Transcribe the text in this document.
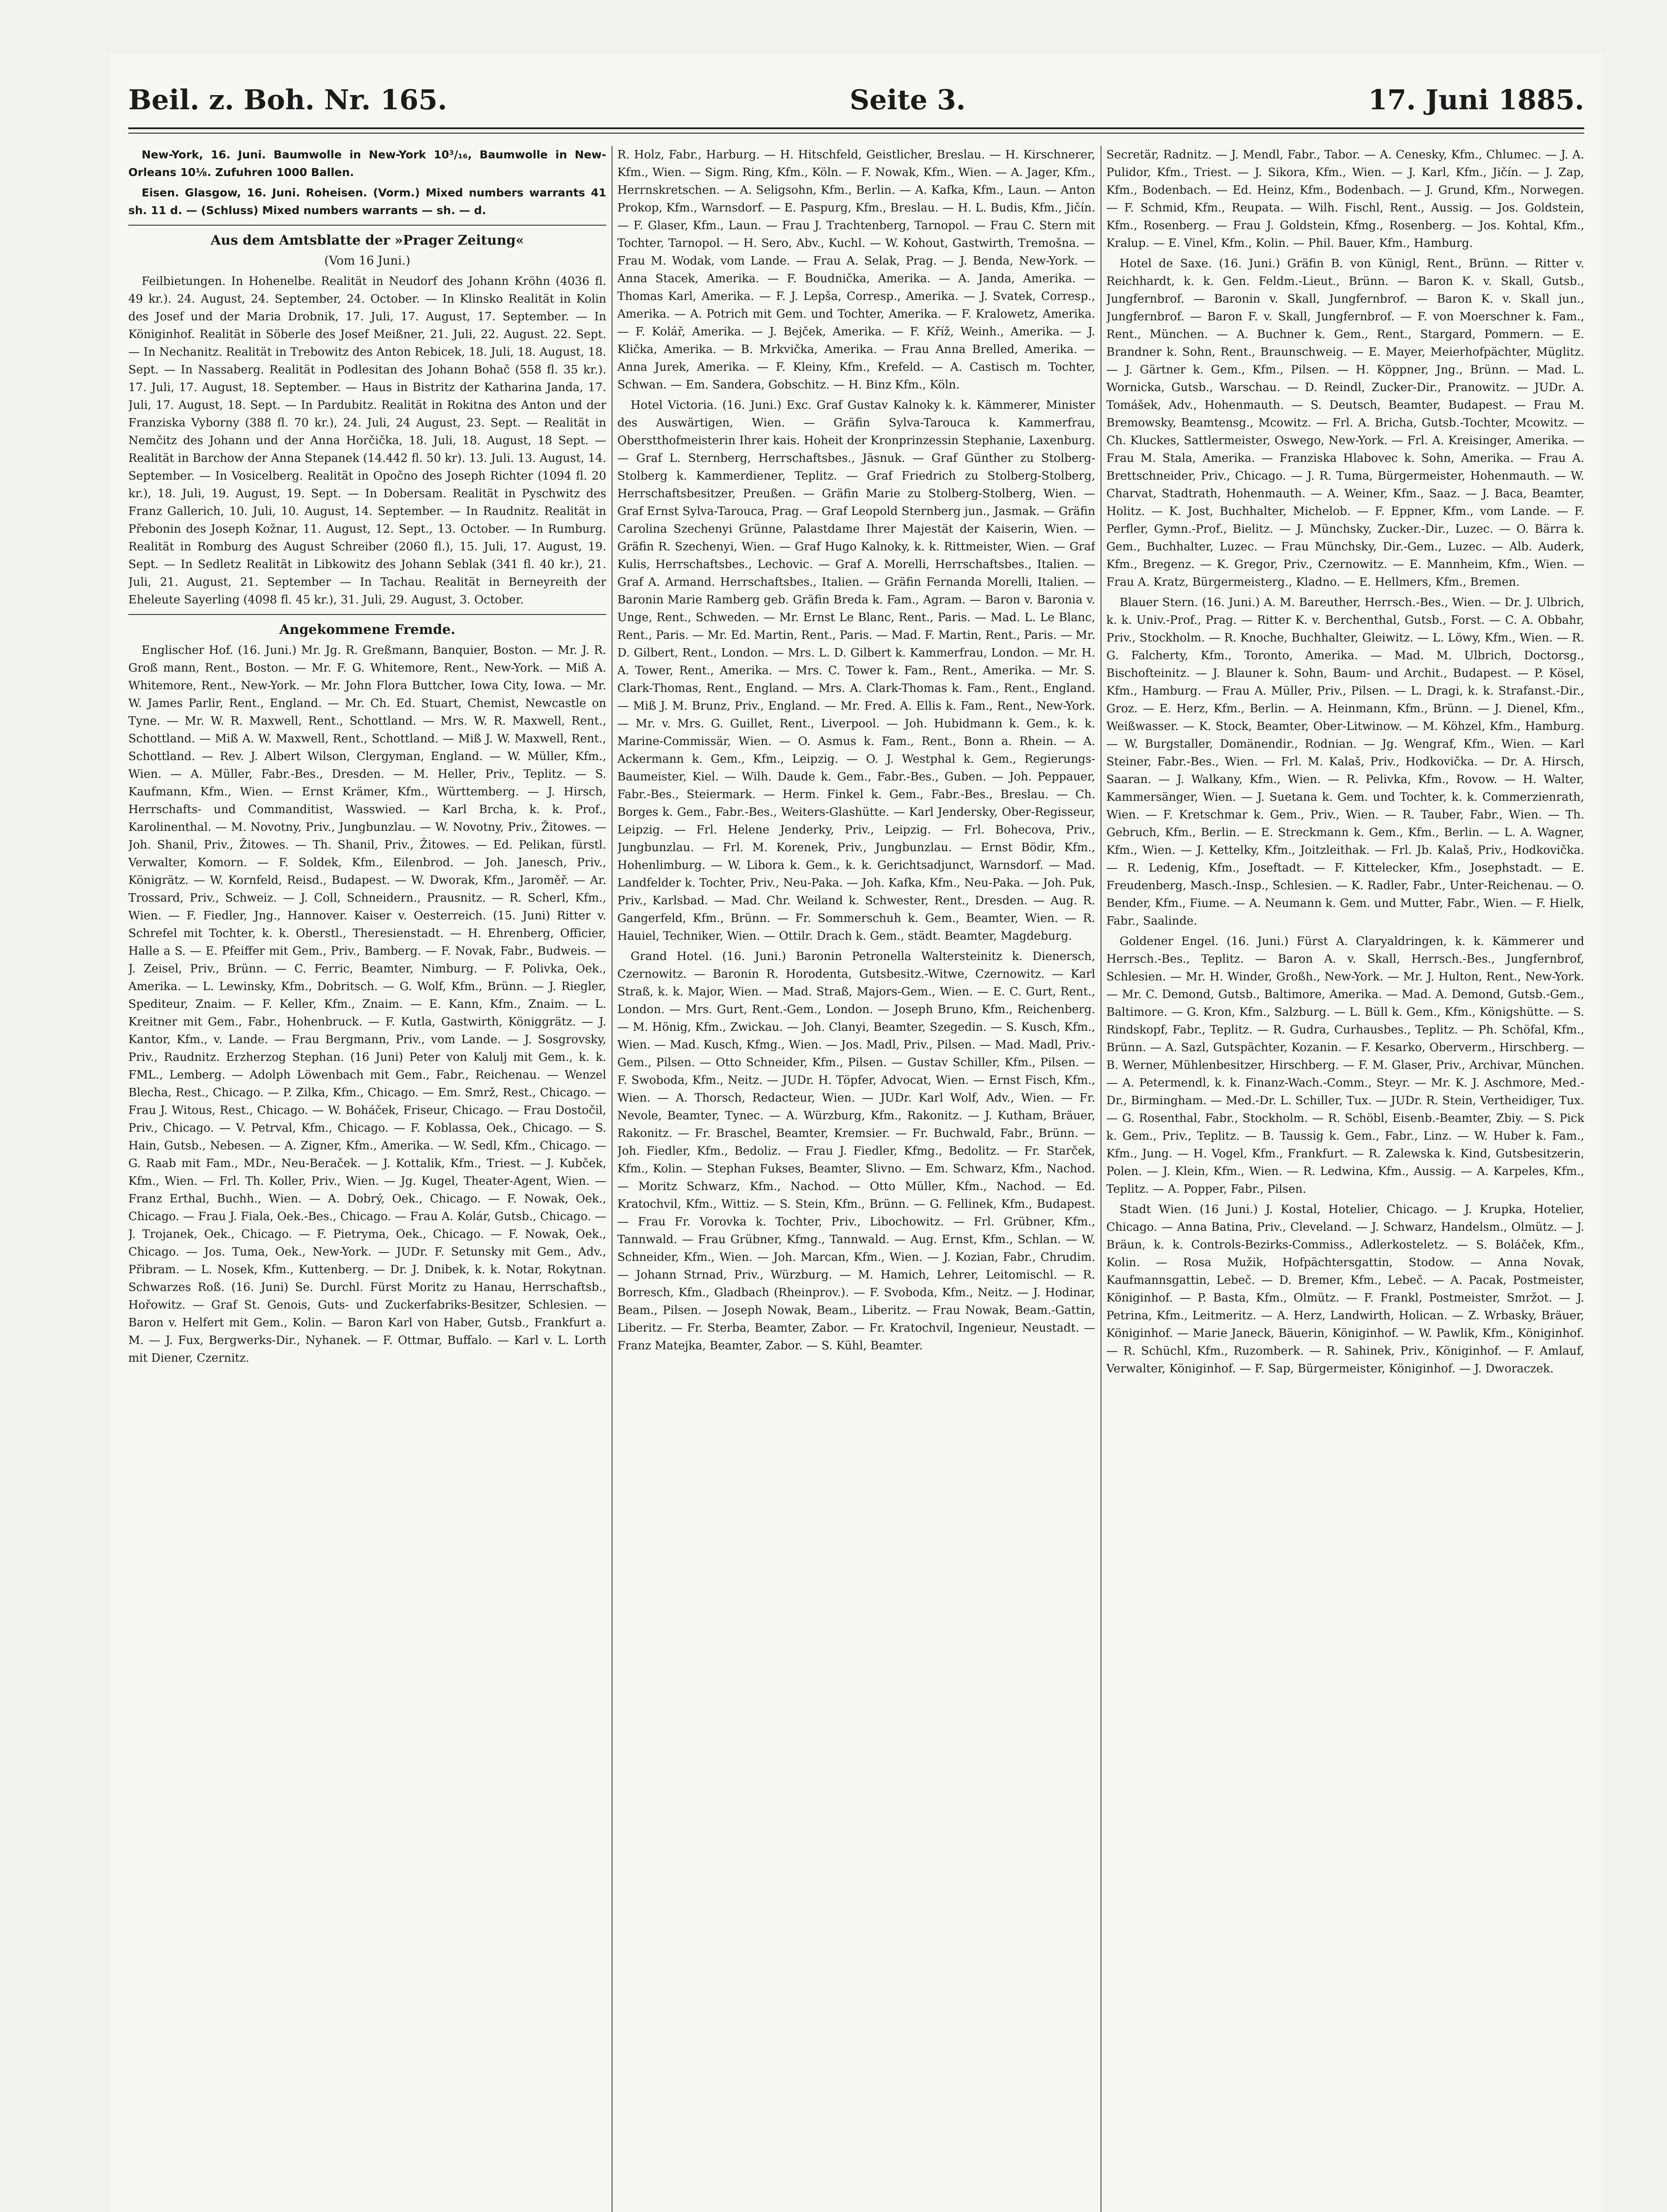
Beil. z. Boh. Nr. 165.	Seite 3.	17. Juni 1885.

New-York, 16. Juni. Baumwolle in New-York 10³/₁₆, Baumwolle in New-Orleans 10⅛. Zufuhren 1000 Ballen.

Eisen. Glasgow, 16. Juni. Roheisen. (Vorm.) Mixed numbers warrants 41 sh. 11 d. — (Schluss) Mixed numbers warrants — sh. — d.

Aus dem Amtsblatte der »Prager Zeitung«
(Vom 16 Juni.)

Feilbietungen. In Hohenelbe. Realität in Neudorf des Johann Kröhn (4036 fl. 49 kr.). 24. August, 24. September, 24. October. — In Klinsko Realität in Kolin des Josef und der Maria Drobnik, 17. Juli, 17. August, 17. September. — In Königinhof. Realität in Söberle des Josef Meißner, 21. Juli, 22. August. 22. Sept. — In Nechanitz. Realität in Trebowitz des Anton Rebicek, 18. Juli, 18. August, 18. Sept. — In Nassaberg. Realität in Podlesitan des Johann Bohač (558 fl. 35 kr.). 17. Juli, 17. August, 18. September. — Haus in Bistritz der Katharina Janda, 17. Juli, 17. August, 18. Sept. — In Pardubitz. Realität in Rokitna des Anton und der Franziska Vyborny (388 fl. 70 kr.), 24. Juli, 24 August, 23. Sept. — Realität in Nemčitz des Johann und der Anna Horčička, 18. Juli, 18. August, 18 Sept. — Realität in Barchow der Anna Stepanek (14.442 fl. 50 kr). 13. Juli. 13. August, 14. September. — In Vosicelberg. Realität in Opočno des Joseph Richter (1094 fl. 20 kr.), 18. Juli, 19. August, 19. Sept. — In Dobersam. Realität in Pyschwitz des Franz Gallerich, 10. Juli, 10. August, 14. September. — In Raudnitz. Realität in Přebonin des Joseph Kožnar, 11. August, 12. Sept., 13. October. — In Rumburg. Realität in Romburg des August Schreiber (2060 fl.), 15. Juli, 17. August, 19. Sept. — In Sedletz Realität in Libkowitz des Johann Seblak (341 fl. 40 kr.), 21. Juli, 21. August, 21. September — In Tachau. Realität in Berneyreith der Eheleute Sayerling (4098 fl. 45 kr.), 31. Juli, 29. August, 3. October.

Angekommene Fremde.

Englischer Hof. (16. Juni.) Mr. Jg. R. Greßmann, Banquier, Boston. — Mr. J. R. Groß mann, Rent., Boston. — Mr. F. G. Whitemore, Rent., New-York. — Miß A. Whitemore, Rent., New-York. — Mr. John Flora Buttcher, Iowa City, Iowa. — Mr. W. James Parlir, Rent., England. — Mr. Ch. Ed. Stuart, Chemist, Newcastle on Tyne. — Mr. W. R. Maxwell, Rent., Schottland. — Mrs. W. R. Maxwell, Rent., Schottland. — Miß A. W. Maxwell, Rent., Schottland. — Miß J. W. Maxwell, Rent., Schottland. — Rev. J. Albert Wilson, Clergyman, England. — W. Müller, Kfm., Wien. — A. Müller, Fabr.-Bes., Dresden. — M. Heller, Priv., Teplitz. — S. Kaufmann, Kfm., Wien. — Ernst Krämer, Kfm., Württemberg. — J. Hirsch, Herrschafts- und Commanditist, Wasswied. — Karl Brcha, k. k. Prof., Karolinenthal. — M. Novotny, Priv., Jungbunzlau. — W. Novotny, Priv., Žitowes. — Joh. Shanil, Priv., Žitowes. — Th. Shanil, Priv., Žitowes. — Ed. Pelikan, fürstl. Verwalter, Komorn. — F. Soldek, Kfm., Eilenbrod. — Joh. Janesch, Priv., Königrätz. — W. Kornfeld, Reisd., Budapest. — W. Dworak, Kfm., Jaroměř. — Ar. Trossard, Priv., Schweiz. — J. Coll, Schneidern., Prausnitz. — R. Scherl, Kfm., Wien. — F. Fiedler, Jng., Hannover. Kaiser v. Oesterreich. (15. Juni) Ritter v. Schrefel mit Tochter, k. k. Oberstl., Theresienstadt. — H. Ehrenberg, Officier, Halle a S. — E. Pfeiffer mit Gem., Priv., Bamberg. — F. Novak, Fabr., Budweis. — J. Zeisel, Priv., Brünn. — C. Ferric, Beamter, Nimburg. — F. Polivka, Oek., Amerika. — L. Lewinsky, Kfm., Dobritsch. — G. Wolf, Kfm., Brünn. — J. Riegler, Spediteur, Znaim. — F. Keller, Kfm., Znaim. — E. Kann, Kfm., Znaim. — L. Kreitner mit Gem., Fabr., Hohenbruck. — F. Kutla, Gastwirth, Königgrätz. — J. Kantor, Kfm., v. Lande. — Frau Bergmann, Priv., vom Lande. — J. Sosgrovsky, Priv., Raudnitz. Erzherzog Stephan. (16 Juni) Peter von Kalulj mit Gem., k. k. FML., Lemberg. — Adolph Löwenbach mit Gem., Fabr., Reichenau. — Wenzel Blecha, Rest., Chicago. — P. Zilka, Kfm., Chicago. — Em. Smrž, Rest., Chicago. — Frau J. Witous, Rest., Chicago. — W. Boháček, Friseur, Chicago. — Frau Dostočil, Priv., Chicago. — V. Petrval, Kfm., Chicago. — F. Koblassa, Oek., Chicago. — S. Hain, Gutsb., Nebesen. — A. Zigner, Kfm., Amerika. — W. Sedl, Kfm., Chicago. — G. Raab mit Fam., MDr., Neu-Beraček. — J. Kottalik, Kfm., Triest. — J. Kubček, Kfm., Wien. — Frl. Th. Koller, Priv., Wien. — Jg. Kugel, Theater-Agent, Wien. — Franz Erthal, Buchh., Wien. — A. Dobrý, Oek., Chicago. — F. Nowak, Oek., Chicago. — Frau J. Fiala, Oek.-Bes., Chicago. — Frau A. Kolár, Gutsb., Chicago. — J. Trojanek, Oek., Chicago. — F. Pietryma, Oek., Chicago. — F. Nowak, Oek., Chicago. — Jos. Tuma, Oek., New-York. — JUDr. F. Setunsky mit Gem., Adv., Přibram. — L. Nosek, Kfm., Kuttenberg. — Dr. J. Dnibek, k. k. Notar, Rokytnan. Schwarzes Roß. (16. Juni) Se. Durchl. Fürst Moritz zu Hanau, Herrschaftsb., Hořowitz. — Graf St. Genois, Guts- und Zuckerfabriks-Besitzer, Schlesien. — Baron v. Helfert mit Gem., Kolin. — Baron Karl von Haber, Gutsb., Frankfurt a. M. — J. Fux, Bergwerks-Dir., Nyhanek. — F. Ottmar, Buffalo. — Karl v. L. Lorth mit Diener, Czernitz.

R. Holz, Fabr., Harburg. — H. Hitschfeld, Geistlicher, Breslau. — H. Kirschnerer, Kfm., Wien. — Sigm. Ring, Kfm., Köln. — F. Nowak, Kfm., Wien. — A. Jager, Kfm., Herrnskretschen. — A. Seligsohn, Kfm., Berlin. — A. Kafka, Kfm., Laun. — Anton Prokop, Kfm., Warnsdorf. — E. Paspurg, Kfm., Breslau. — H. L. Budis, Kfm., Jičín. — F. Glaser, Kfm., Laun. — Frau J. Trachtenberg, Tarnopol. — Frau C. Stern mit Tochter, Tarnopol. — H. Sero, Abv., Kuchl. — W. Kohout, Gastwirth, Tremošna. — Frau M. Wodak, vom Lande. — Frau A. Selak, Prag. — J. Benda, New-York. — Anna Stacek, Amerika. — F. Boudnička, Amerika. — A. Janda, Amerika. — Thomas Karl, Amerika. — F. J. Lepša, Corresp., Amerika. — J. Svatek, Corresp., Amerika. — A. Potrich mit Gem. und Tochter, Amerika. — F. Kralowetz, Amerika. — F. Kolář, Amerika. — J. Bejček, Amerika. — F. Kříž, Weinh., Amerika. — J. Klička, Amerika. — B. Mrkvička, Amerika. — Frau Anna Brelled, Amerika. — Anna Jurek, Amerika. — F. Kleiny, Kfm., Krefeld. — A. Castisch m. Tochter, Schwan. — Em. Sandera, Gobschitz. — H. Binz Kfm., Köln.

Hotel Victoria. (16. Juni.) Exc. Graf Gustav Kalnoky k. k. Kämmerer, Minister des Auswärtigen, Wien. — Gräfin Sylva-Tarouca k. Kammerfrau, Oberstthofmeisterin Ihrer kais. Hoheit der Kronprinzessin Stephanie, Laxenburg. — Graf L. Sternberg, Herrschaftsbes., Jäsnuk. — Graf Günther zu Stolberg-Stolberg k. Kammerdiener, Teplitz. — Graf Friedrich zu Stolberg-Stolberg, Herrschaftsbesitzer, Preußen. — Gräfin Marie zu Stolberg-Stolberg, Wien. — Graf Ernst Sylva-Tarouca, Prag. — Graf Leopold Sternberg jun., Jasmak. — Gräfin Carolina Szechenyi Grünne, Palastdame Ihrer Majestät der Kaiserin, Wien. — Gräfin R. Szechenyi, Wien. — Graf Hugo Kalnoky, k. k. Rittmeister, Wien. — Graf Kulis, Herrschaftsbes., Lechovic. — Graf A. Morelli, Herrschaftsbes., Italien. — Graf A. Armand. Herrschaftsbes., Italien. — Gräfin Fernanda Morelli, Italien. — Baronin Marie Ramberg geb. Gräfin Breda k. Fam., Agram. — Baron v. Baronia v. Unge, Rent., Schweden. — Mr. Ernst Le Blanc, Rent., Paris. — Mad. L. Le Blanc, Rent., Paris. — Mr. Ed. Martin, Rent., Paris. — Mad. F. Martin, Rent., Paris. — Mr. D. Gilbert, Rent., London. — Mrs. L. D. Gilbert k. Kammerfrau, London. — Mr. H. A. Tower, Rent., Amerika. — Mrs. C. Tower k. Fam., Rent., Amerika. — Mr. S. Clark-Thomas, Rent., England. — Mrs. A. Clark-Thomas k. Fam., Rent., England. — Miß J. M. Brunz, Priv., England. — Mr. Fred. A. Ellis k. Fam., Rent., New-York. — Mr. v. Mrs. G. Guillet, Rent., Liverpool. — Joh. Hubidmann k. Gem., k. k. Marine-Commissär, Wien. — O. Asmus k. Fam., Rent., Bonn a. Rhein. — A. Ackermann k. Gem., Kfm., Leipzig. — O. J. Westphal k. Gem., Regierungs-Baumeister, Kiel. — Wilh. Daude k. Gem., Fabr.-Bes., Guben. — Joh. Peppauer, Fabr.-Bes., Steiermark. — Herm. Finkel k. Gem., Fabr.-Bes., Breslau. — Ch. Borges k. Gem., Fabr.-Bes., Weiters-Glashütte. — Karl Jendersky, Ober-Regisseur, Leipzig. — Frl. Helene Jenderky, Priv., Leipzig. — Frl. Bohecova, Priv., Jungbunzlau. — Frl. M. Korenek, Priv., Jungbunzlau. — Ernst Bödir, Kfm., Hohenlimburg. — W. Libora k. Gem., k. k. Gerichtsadjunct, Warnsdorf. — Mad. Landfelder k. Tochter, Priv., Neu-Paka. — Joh. Kafka, Kfm., Neu-Paka. — Joh. Puk, Priv., Karlsbad. — Mad. Chr. Weiland k. Schwester, Rent., Dresden. — Aug. R. Gangerfeld, Kfm., Brünn. — Fr. Sommerschuh k. Gem., Beamter, Wien. — R. Hauiel, Techniker, Wien. — Ottilr. Drach k. Gem., städt. Beamter, Magdeburg.

Grand Hotel. (16. Juni.) Baronin Petronella Waltersteinitz k. Dienersch, Czernowitz. — Baronin R. Horodenta, Gutsbesitz.-Witwe, Czernowitz. — Karl Straß, k. k. Major, Wien. — Mad. Straß, Majors-Gem., Wien. — E. C. Gurt, Rent., London. — Mrs. Gurt, Rent.-Gem., London. — Joseph Bruno, Kfm., Reichenberg. — M. Hönig, Kfm., Zwickau. — Joh. Clanyi, Beamter, Szegedin. — S. Kusch, Kfm., Wien. — Mad. Kusch, Kfmg., Wien. — Jos. Madl, Priv., Pilsen. — Mad. Madl, Priv.-Gem., Pilsen. — Otto Schneider, Kfm., Pilsen. — Gustav Schiller, Kfm., Pilsen. — F. Swoboda, Kfm., Neitz. — JUDr. H. Töpfer, Advocat, Wien. — Ernst Fisch, Kfm., Wien. — A. Thorsch, Redacteur, Wien. — JUDr. Karl Wolf, Adv., Wien. — Fr. Nevole, Beamter, Tynec. — A. Würzburg, Kfm., Rakonitz. — J. Kutham, Bräuer, Rakonitz. — Fr. Braschel, Beamter, Kremsier. — Fr. Buchwald, Fabr., Brünn. — Joh. Fiedler, Kfm., Bedoliz. — Frau J. Fiedler, Kfmg., Bedolitz. — Fr. Starček, Kfm., Kolin. — Stephan Fukses, Beamter, Slivno. — Em. Schwarz, Kfm., Nachod. — Moritz Schwarz, Kfm., Nachod. — Otto Müller, Kfm., Nachod. — Ed. Kratochvil, Kfm., Wittiz. — S. Stein, Kfm., Brünn. — G. Fellinek, Kfm., Budapest. — Frau Fr. Vorovka k. Tochter, Priv., Libochowitz. — Frl. Grübner, Kfm., Tannwald. — Frau Grübner, Kfmg., Tannwald. — Aug. Ernst, Kfm., Schlan. — W. Schneider, Kfm., Wien. — Joh. Marcan, Kfm., Wien. — J. Kozian, Fabr., Chrudim. — Johann Strnad, Priv., Würzburg. — M. Hamich, Lehrer, Leitomischl. — R. Borresch, Kfm., Gladbach (Rheinprov.). — F. Svoboda, Kfm., Neitz. — J. Hodinar, Beam., Pilsen. — Joseph Nowak, Beam., Liberitz. — Frau Nowak, Beam.-Gattin, Liberitz. — Fr. Sterba, Beamter, Zabor. — Fr. Kratochvil, Ingenieur, Neustadt. — Franz Matejka, Beamter, Zabor. — S. Kühl, Beamter.

Secretär, Radnitz. — J. Mendl, Fabr., Tabor. — A. Cenesky, Kfm., Chlumec. — J. A. Pulidor, Kfm., Triest. — J. Sikora, Kfm., Wien. — J. Karl, Kfm., Jičín. — J. Zap, Kfm., Bodenbach. — Ed. Heinz, Kfm., Bodenbach. — J. Grund, Kfm., Norwegen. — F. Schmid, Kfm., Reupata. — Wilh. Fischl, Rent., Aussig. — Jos. Goldstein, Kfm., Rosenberg. — Frau J. Goldstein, Kfmg., Rosenberg. — Jos. Kohtal, Kfm., Kralup. — E. Vinel, Kfm., Kolin. — Phil. Bauer, Kfm., Hamburg.

Hotel de Saxe. (16. Juni.) Gräfin B. von Künigl, Rent., Brünn. — Ritter v. Reichhardt, k. k. Gen. Feldm.-Lieut., Brünn. — Baron K. v. Skall, Gutsb., Jungfernbrof. — Baronin v. Skall, Jungfernbrof. — Baron K. v. Skall jun., Jungfernbrof. — Baron F. v. Skall, Jungfernbrof. — F. von Moerschner k. Fam., Rent., München. — A. Buchner k. Gem., Rent., Stargard, Pommern. — E. Brandner k. Sohn, Rent., Braunschweig. — E. Mayer, Meierhofpächter, Müglitz. — J. Gärtner k. Gem., Kfm., Pilsen. — H. Köppner, Jng., Brünn. — Mad. L. Wornicka, Gutsb., Warschau. — D. Reindl, Zucker-Dir., Pranowitz. — JUDr. A. Tomášek, Adv., Hohenmauth. — S. Deutsch, Beamter, Budapest. — Frau M. Bremowsky, Beamtensg., Mcowitz. — Frl. A. Bricha, Gutsb.-Tochter, Mcowitz. — Ch. Kluckes, Sattlermeister, Oswego, New-York. — Frl. A. Kreisinger, Amerika. — Frau M. Stala, Amerika. — Franziska Hlabovec k. Sohn, Amerika. — Frau A. Brettschneider, Priv., Chicago. — J. R. Tuma, Bürgermeister, Hohenmauth. — W. Charvat, Stadtrath, Hohenmauth. — A. Weiner, Kfm., Saaz. — J. Baca, Beamter, Holitz. — K. Jost, Buchhalter, Michelob. — F. Eppner, Kfm., vom Lande. — F. Perfler, Gymn.-Prof., Bielitz. — J. Münchsky, Zucker.-Dir., Luzec. — O. Bärra k. Gem., Buchhalter, Luzec. — Frau Münchsky, Dir.-Gem., Luzec. — Alb. Auderk, Kfm., Bregenz. — K. Gregor, Priv., Czernowitz. — E. Mannheim, Kfm., Wien. — Frau A. Kratz, Bürgermeisterg., Kladno. — E. Hellmers, Kfm., Bremen.

Blauer Stern. (16. Juni.) A. M. Bareuther, Herrsch.-Bes., Wien. — Dr. J. Ulbrich, k. k. Univ.-Prof., Prag. — Ritter K. v. Berchenthal, Gutsb., Forst. — C. A. Obbahr, Priv., Stockholm. — R. Knoche, Buchhalter, Gleiwitz. — L. Löwy, Kfm., Wien. — R. G. Falcherty, Kfm., Toronto, Amerika. — Mad. M. Ulbrich, Doctorsg., Bischofteinitz. — J. Blauner k. Sohn, Baum- und Archit., Budapest. — P. Kösel, Kfm., Hamburg. — Frau A. Müller, Priv., Pilsen. — L. Dragi, k. k. Strafanst.-Dir., Groz. — E. Herz, Kfm., Berlin. — A. Heinmann, Kfm., Brünn. — J. Dienel, Kfm., Weißwasser. — K. Stock, Beamter, Ober-Litwinow. — M. Köhzel, Kfm., Hamburg. — W. Burgstaller, Domänendir., Rodnian. — Jg. Wengraf, Kfm., Wien. — Karl Steiner, Fabr.-Bes., Wien. — Frl. M. Kalaš, Priv., Hodkovička. — Dr. A. Hirsch, Saaran. — J. Walkany, Kfm., Wien. — R. Pelivka, Kfm., Rovow. — H. Walter, Kammersänger, Wien. — J. Suetana k. Gem. und Tochter, k. k. Commerzienrath, Wien. — F. Kretschmar k. Gem., Priv., Wien. — R. Tauber, Fabr., Wien. — Th. Gebruch, Kfm., Berlin. — E. Streckmann k. Gem., Kfm., Berlin. — L. A. Wagner, Kfm., Wien. — J. Kettelky, Kfm., Joitzleithak. — Frl. Jb. Kalaš, Priv., Hodkovička. — R. Ledenig, Kfm., Joseftadt. — F. Kittelecker, Kfm., Josephstadt. — E. Freudenberg, Masch.-Insp., Schlesien. — K. Radler, Fabr., Unter-Reichenau. — O. Bender, Kfm., Fiume. — A. Neumann k. Gem. und Mutter, Fabr., Wien. — F. Hielk, Fabr., Saalinde.

Goldener Engel. (16. Juni.) Fürst A. Claryaldringen, k. k. Kämmerer und Herrsch.-Bes., Teplitz. — Baron A. v. Skall, Herrsch.-Bes., Jungfernbrof, Schlesien. — Mr. H. Winder, Großh., New-York. — Mr. J. Hulton, Rent., New-York. — Mr. C. Demond, Gutsb., Baltimore, Amerika. — Mad. A. Demond, Gutsb.-Gem., Baltimore. — G. Kron, Kfm., Salzburg. — L. Büll k. Gem., Kfm., Königshütte. — S. Rindskopf, Fabr., Teplitz. — R. Gudra, Curhausbes., Teplitz. — Ph. Schöfal, Kfm., Brünn. — A. Sazl, Gutspächter, Kozanin. — F. Kesarko, Oberverm., Hirschberg. — B. Werner, Mühlenbesitzer, Hirschberg. — F. M. Glaser, Priv., Archivar, München. — A. Petermendl, k. k. Finanz-Wach.-Comm., Steyr. — Mr. K. J. Aschmore, Med.-Dr., Birmingham. — Med.-Dr. L. Schiller, Tux. — JUDr. R. Stein, Vertheidiger, Tux. — G. Rosenthal, Fabr., Stockholm. — R. Schöbl, Eisenb.-Beamter, Zbiy. — S. Pick k. Gem., Priv., Teplitz. — B. Taussig k. Gem., Fabr., Linz. — W. Huber k. Fam., Kfm., Jung. — H. Vogel, Kfm., Frankfurt. — R. Zalewska k. Kind, Gutsbesitzerin, Polen. — J. Klein, Kfm., Wien. — R. Ledwina, Kfm., Aussig. — A. Karpeles, Kfm., Teplitz. — A. Popper, Fabr., Pilsen.

Stadt Wien. (16 Juni.) J. Kostal, Hotelier, Chicago. — J. Krupka, Hotelier, Chicago. — Anna Batina, Priv., Cleveland. — J. Schwarz, Handelsm., Olmütz. — J. Bräun, k. k. Controls-Bezirks-Commiss., Adlerkosteletz. — S. Boláček, Kfm., Kolin. — Rosa Mužik, Hofpächtersgattin, Stodow. — Anna Novak, Kaufmannsgattin, Lebeč. — D. Bremer, Kfm., Lebeč. — A. Pacak, Postmeister, Königinhof. — P. Basta, Kfm., Olmütz. — F. Frankl, Postmeister, Smržot. — J. Petrina, Kfm., Leitmeritz. — A. Herz, Landwirth, Holican. — Z. Wrbasky, Bräuer, Königinhof. — Marie Janeck, Bäuerin, Königinhof. — W. Pawlik, Kfm., Königinhof. — R. Schüchl, Kfm., Ruzomberk. — R. Sahinek, Priv., Königinhof. — F. Amlauf, Verwalter, Königinhof. — F. Sap, Bürgermeister, Königinhof. — J. Dworaczek.
